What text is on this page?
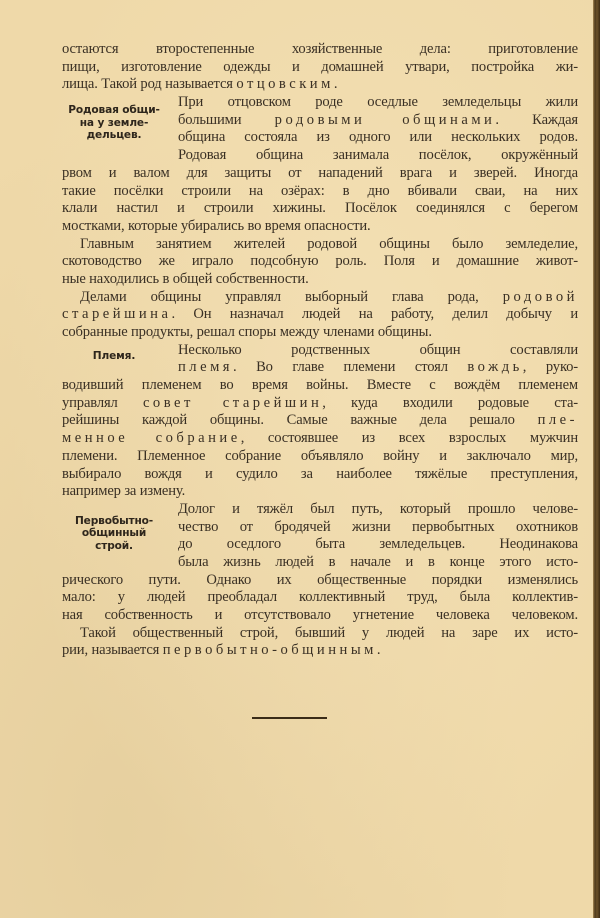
остаются второстепенные хозяйственные дела: приготовление
пищи, изготовление одежды и домашней утвари, постройка жи-
лища. Такой род называется отцовским.
Родовая общи-
на у земле-
дельцев.
При отцовском роде оседлые земледельцы жили
большими родовыми общинами. Каждая
община состояла из одного или нескольких родов.
Родовая община занимала посёлок, окружённый
рвом и валом для защиты от нападений врага и зверей. Иногда
такие посёлки строили на озёрах: в дно вбивали сваи, на них
клали настил и строили хижины. Посёлок соединялся с берегом
мостками, которые убирались во время опасности.
Главным занятием жителей родовой общины было земледелие,
скотоводство же играло подсобную роль. Поля и домашние живот-
ные находились в общей собственности.
Делами общины управлял выборный глава рода, родовой
старейшина. Он назначал людей на работу, делил добычу и
собранные продукты, решал споры между членами общины.
Племя.	Несколько родственных общин составляли
племя. Во главе племени стоял вождь, руко-
водивший племенем во время войны. Вместе с вождём племенем
управлял совет старейшин, куда входили родовые ста-
рейшины каждой общины. Самые важные дела решало пле-
менное собрание, состоявшее из всех взрослых мужчин
племени. Племенное собрание объявляло войну и заключало мир,
выбирало вождя и судило за наиболее тяжёлые преступления,
например за измену.
Первобытно-
общинный
строй.
Долог и тяжёл был путь, который прошло челове-
чество от бродячей жизни первобытных охотников
до оседлого быта земледельцев. Неодинакова
была жизнь людей в начале и в конце этого исто-
рического пути. Однако их общественные порядки изменялись
мало: у людей преобладал коллективный труд, была коллектив-
ная собственность и отсутствовало угнетение человека человеком.
Такой общественный строй, бывший у людей на заре их исто-
рии, называется первобытно-общинным.
